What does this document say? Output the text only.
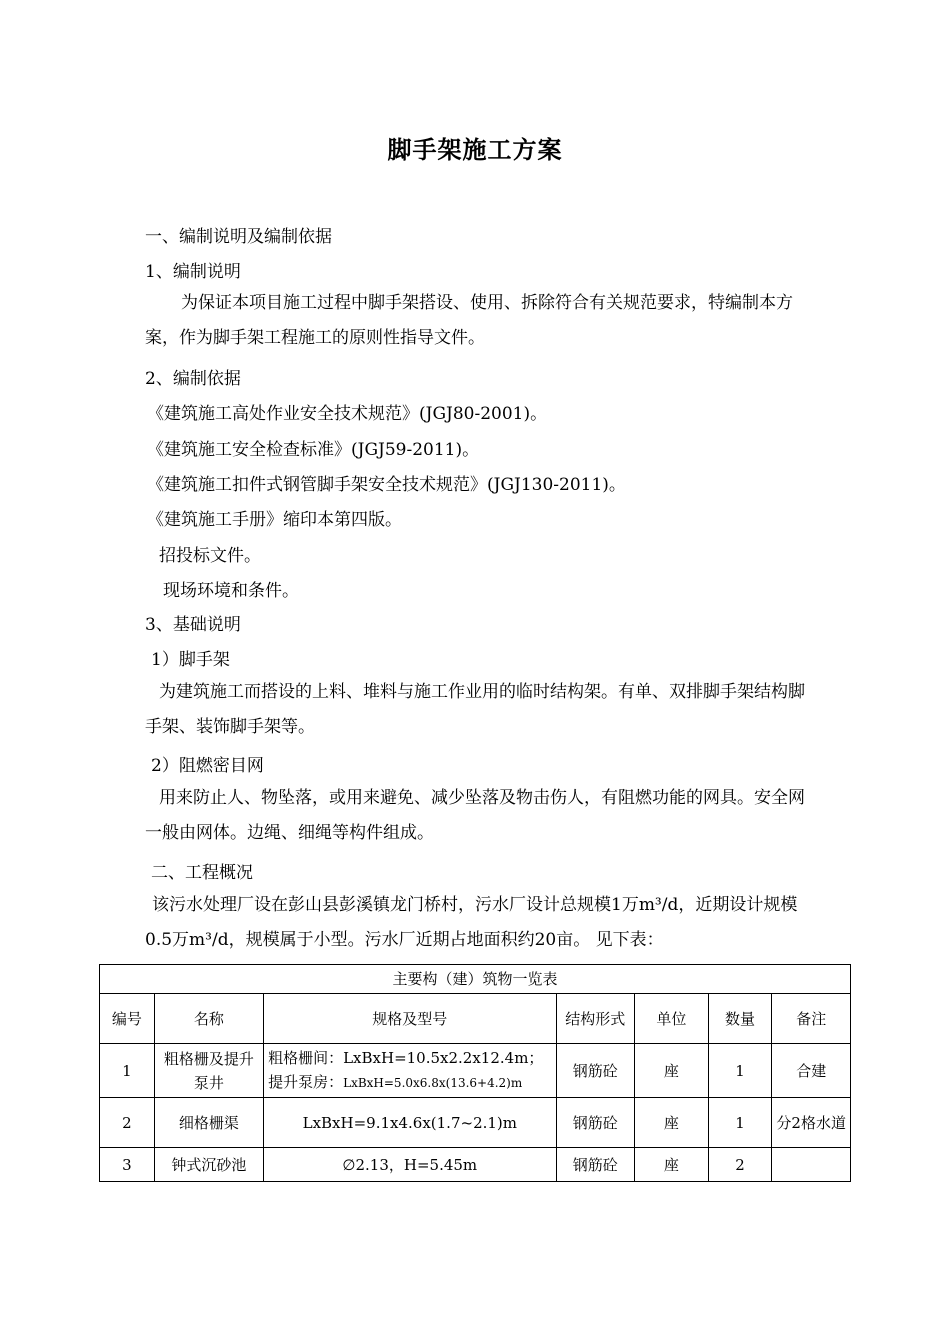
脚手架施工方案
一、编制说明及编制依据
1、编制说明
为保证本项目施工过程中脚手架搭设、使用、拆除符合有关规范要求，特编制本方案，作为脚手架工程施工的原则性指导文件。
2、编制依据
《建筑施工高处作业安全技术规范》(JGJ80-2001)。
《建筑施工安全检查标准》(JGJ59-2011)。
《建筑施工扣件式钢管脚手架安全技术规范》(JGJ130-2011)。
《建筑施工手册》缩印本第四版。
招投标文件。
现场环境和条件。
3、基础说明
1）脚手架
为建筑施工而搭设的上料、堆料与施工作业用的临时结构架。有单、双排脚手架结构脚手架、装饰脚手架等。
2）阻燃密目网
用来防止人、物坠落，或用来避免、减少坠落及物击伤人，有阻燃功能的网具。安全网一般由网体。边绳、细绳等构件组成。
二、工程概况
该污水处理厂设在彭山县彭溪镇龙门桥村，污水厂设计总规模1万m³/d，近期设计规模0.5万m³/d，规模属于小型。污水厂近期占地面积约20亩。 见下表：
主要构（建）筑物一览表						
编号	名称	规格及型号	结构形式	单位	数量	备注
1	粗格栅及提升泵井	粗格栅间：LxBxH=10.5x2.2x12.4m；提升泵房：LxBxH=5.0x6.8x(13.6+4.2)m	钢筋砼	座	1	合建
2	细格栅渠	LxBxH=9.1x4.6x(1.7~2.1)m	钢筋砼	座	1	分2格水道
3	钟式沉砂池	∅2.13，H=5.45m	钢筋砼	座	2	
